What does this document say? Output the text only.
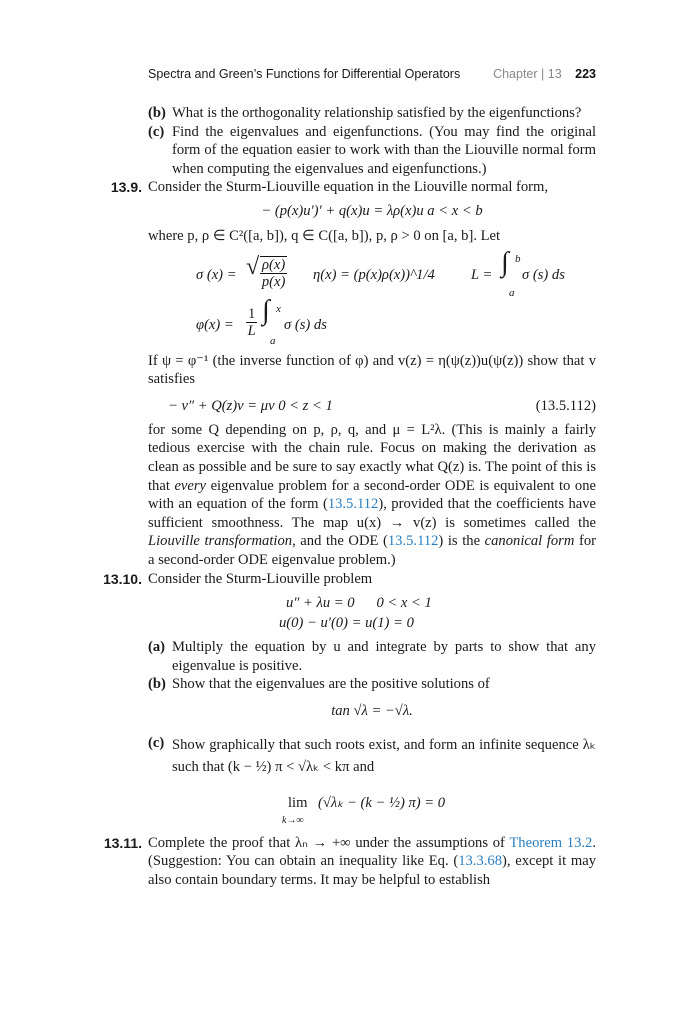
Spectra and Green’s Functions for Differential Operators	Chapter | 13 223
(b) What is the orthogonality relationship satisfied by the eigenfunctions?
(c) Find the eigenvalues and eigenfunctions. (You may find the original form of the equation easier to work with than the Liouville normal form when computing the eigenvalues and eigenfunctions.)
13.9. Consider the Sturm-Liouville equation in the Liouville normal form,
− (p(x)u′)′ + q(x)u = λρ(x)u a < x < b
where p, ρ ∈ C²([a, b]), q ∈ C([a, b]), p, ρ > 0 on [a, b]. Let
σ (x) = √ $\frac{\rho(x)}{p(x)} \eta(x)$ = (p(x)ρ(x))^1/4 L = ∫ b
a
σ (s) ds
$\varphi(x) = \frac{1}{L}$ ∫ x
a
σ (s) ds
If ψ = φ⁻¹ (the inverse function of φ) and v(z) = η(ψ(z))u(ψ(z)) show that v satisfies
− v″ + Q(z)v = μv 0 < z < 1	(13.5.112)
for some Q depending on p, ρ, q, and μ = L²λ. (This is mainly a fairly tedious exercise with the chain rule. Focus on making the derivation as clean as possible and be sure to say exactly what Q(z) is. The point of this is that every eigenvalue problem for a second-order ODE is equivalent to one with an equation of the form (13.5.112), provided that the coefficients have sufficient smoothness. The map u(x) → v(z) is sometimes called the Liouville transformation, and the ODE (13.5.112) is the canonical form for a second-order ODE eigenvalue problem.)
13.10. Consider the Sturm-Liouville problem
u″ + λu = 0      0 < x < 1
u(0) − u′(0) = u(1) = 0
(a) Multiply the equation by u and integrate by parts to show that any eigenvalue is positive.
(b) Show that the eigenvalues are the positive solutions of
tan √λ = −√λ.
(c) Show graphically that such roots exist, and form an infinite sequence λₖ such that (k − ½) π < √λₖ < kπ and
lim
k→∞
(√λₖ − (k − ½) π) = 0
13.11. Complete the proof that λₙ → +∞ under the assumptions of Theorem 13.2. (Suggestion: You can obtain an inequality like Eq. (13.3.68), except it may also contain boundary terms. It may be helpful to establish
